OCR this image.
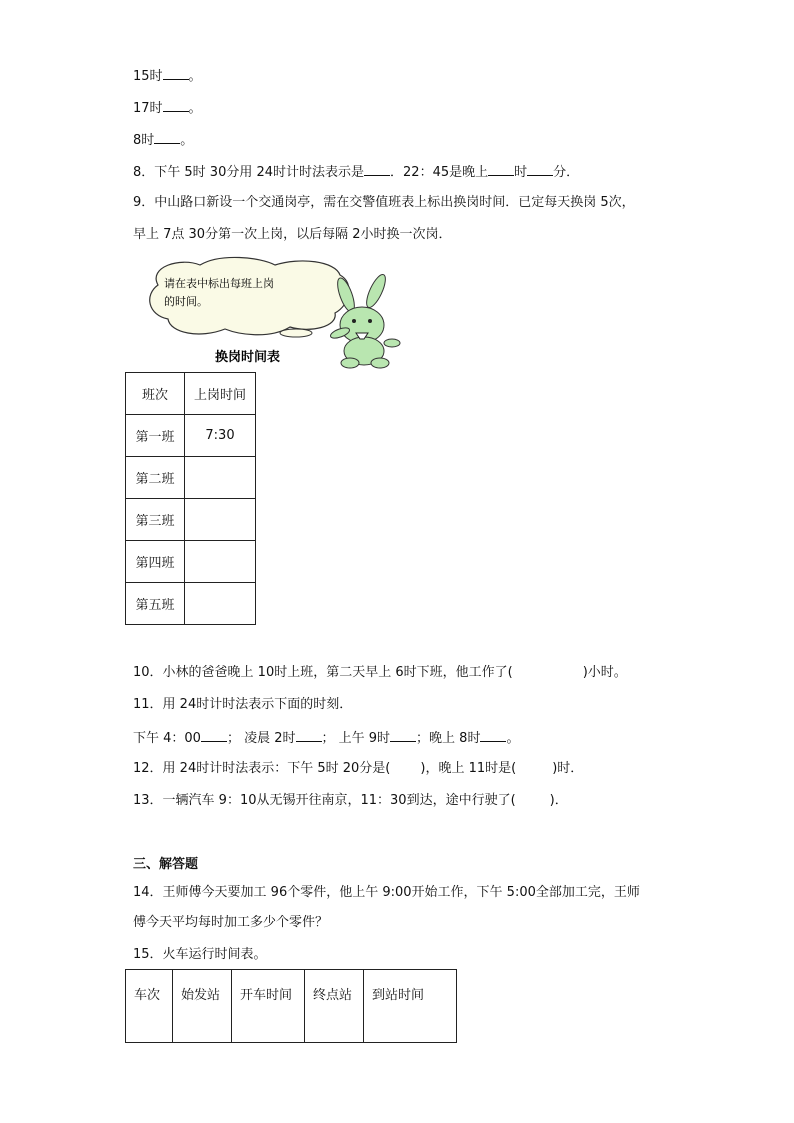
15时 。
17时 。
8时 。
8．下午 5时 30分用 24时计时法表示是 ．22：45是晚上 时 分．
9．中山路口新设一个交通岗亭，需在交警值班表上标出换岗时间．已定每天换岗 5次，
早上 7点 30分第一次上岗，以后每隔 2小时换一次岗．
请在表中标出每班上岗
的时间。
换岗时间表
班次	上岗时间
第一班	7:30
第二班	
第三班	
第四班	
第五班	
10．小林的爸爸晚上 10时上班，第二天早上 6时下班，他工作了(	)小时。
11．用 24时计时法表示下面的时刻．
下午 4：00 ； 凌晨 2时 ； 上午 9时 ；晚上 8时 。
12．用 24时计时法表示：下午 5时 20分是( )，晚上 11时是(	)时．
13．一辆汽车 9：10从无锡开往南京，11：30到达，途中行驶了(	)．
三、解答题
14．王师傅今天要加工 96个零件，他上午 9:00开始工作，下午 5:00全部加工完，王师
傅今天平均每时加工多少个零件？
15．火车运行时间表。
车次	始发站	开车时间	终点站	到站时间
